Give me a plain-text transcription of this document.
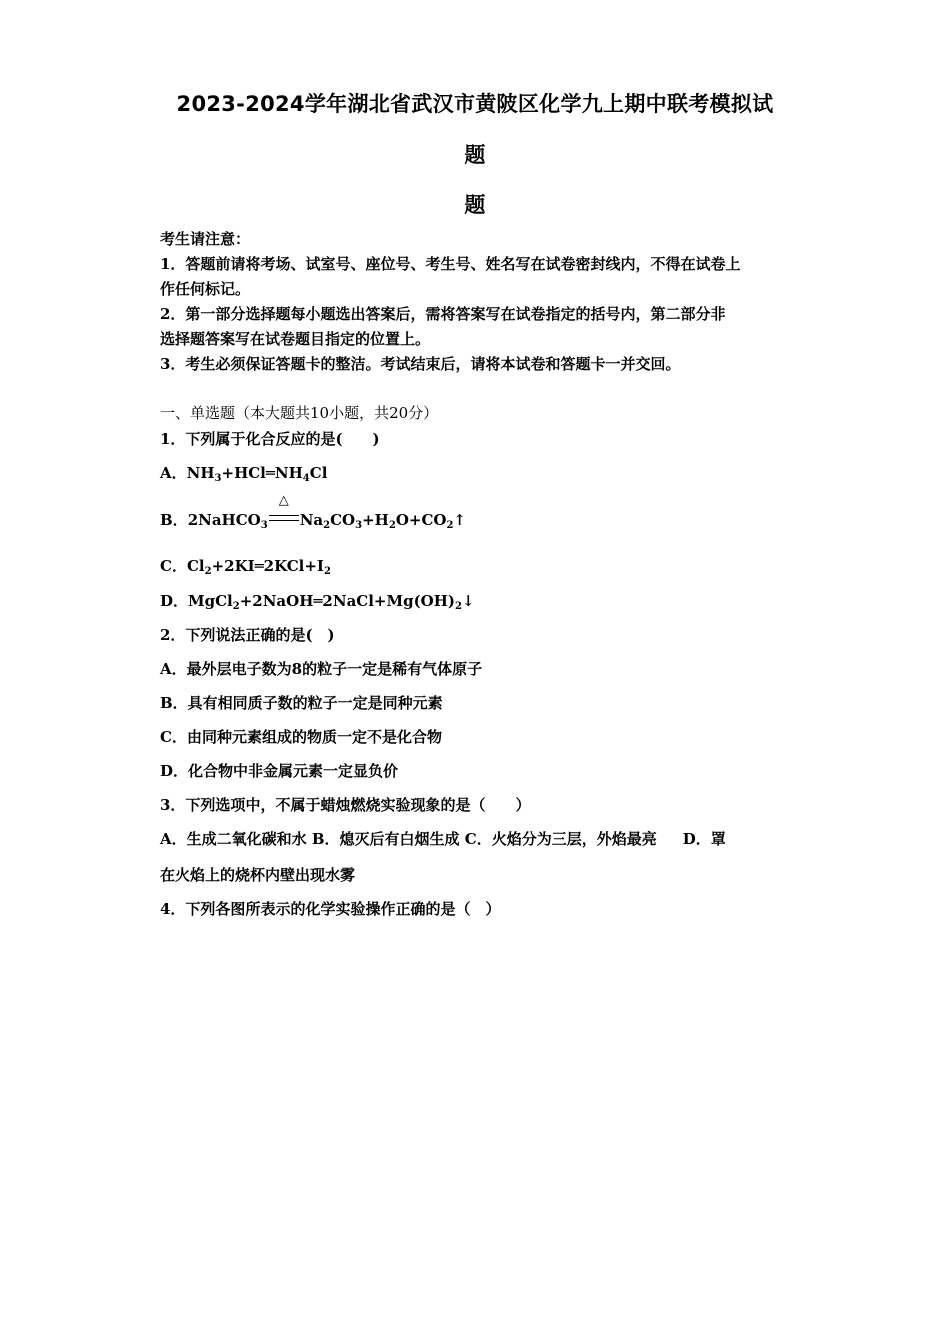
2023-2024学年湖北省武汉市黄陂区化学九上期中联考模拟试
题
题
考生请注意：
1．答题前请将考场、试室号、座位号、考生号、姓名写在试卷密封线内，不得在试卷上
作任何标记。
2．第一部分选择题每小题选出答案后，需将答案写在试卷指定的括号内，第二部分非
选择题答案写在试卷题目指定的位置上。
3．考生必须保证答题卡的整洁。考试结束后，请将本试卷和答题卡一并交回。
一、单选题（本大题共10小题，共20分）
1．下列属于化合反应的是(　　)
A．$NH_3+HCl═NH_4Cl$
B．2NaHCO$_3$
△
$Na_2CO_3+H_2O+CO_2↑$
C．$Cl_2+2KI═2KCl+I_2$
D．$MgCl_2+2NaOH═2NaCl+Mg(OH)_2↓$
2．下列说法正确的是(　)
A．最外层电子数为8的粒子一定是稀有气体原子
B．具有相同质子数的粒子一定是同种元素
C．由同种元素组成的物质一定不是化合物
D．化合物中非金属元素一定显负价
3．下列选项中，不属于蜡烛燃烧实验现象的是（　　）
A．生成二氧化碳和水 B．熄灭后有白烟生成 C．火焰分为三层，外焰最亮 D．罩
在火焰上的烧杯内壁出现水雾
4．下列各图所表示的化学实验操作正确的是（　）
